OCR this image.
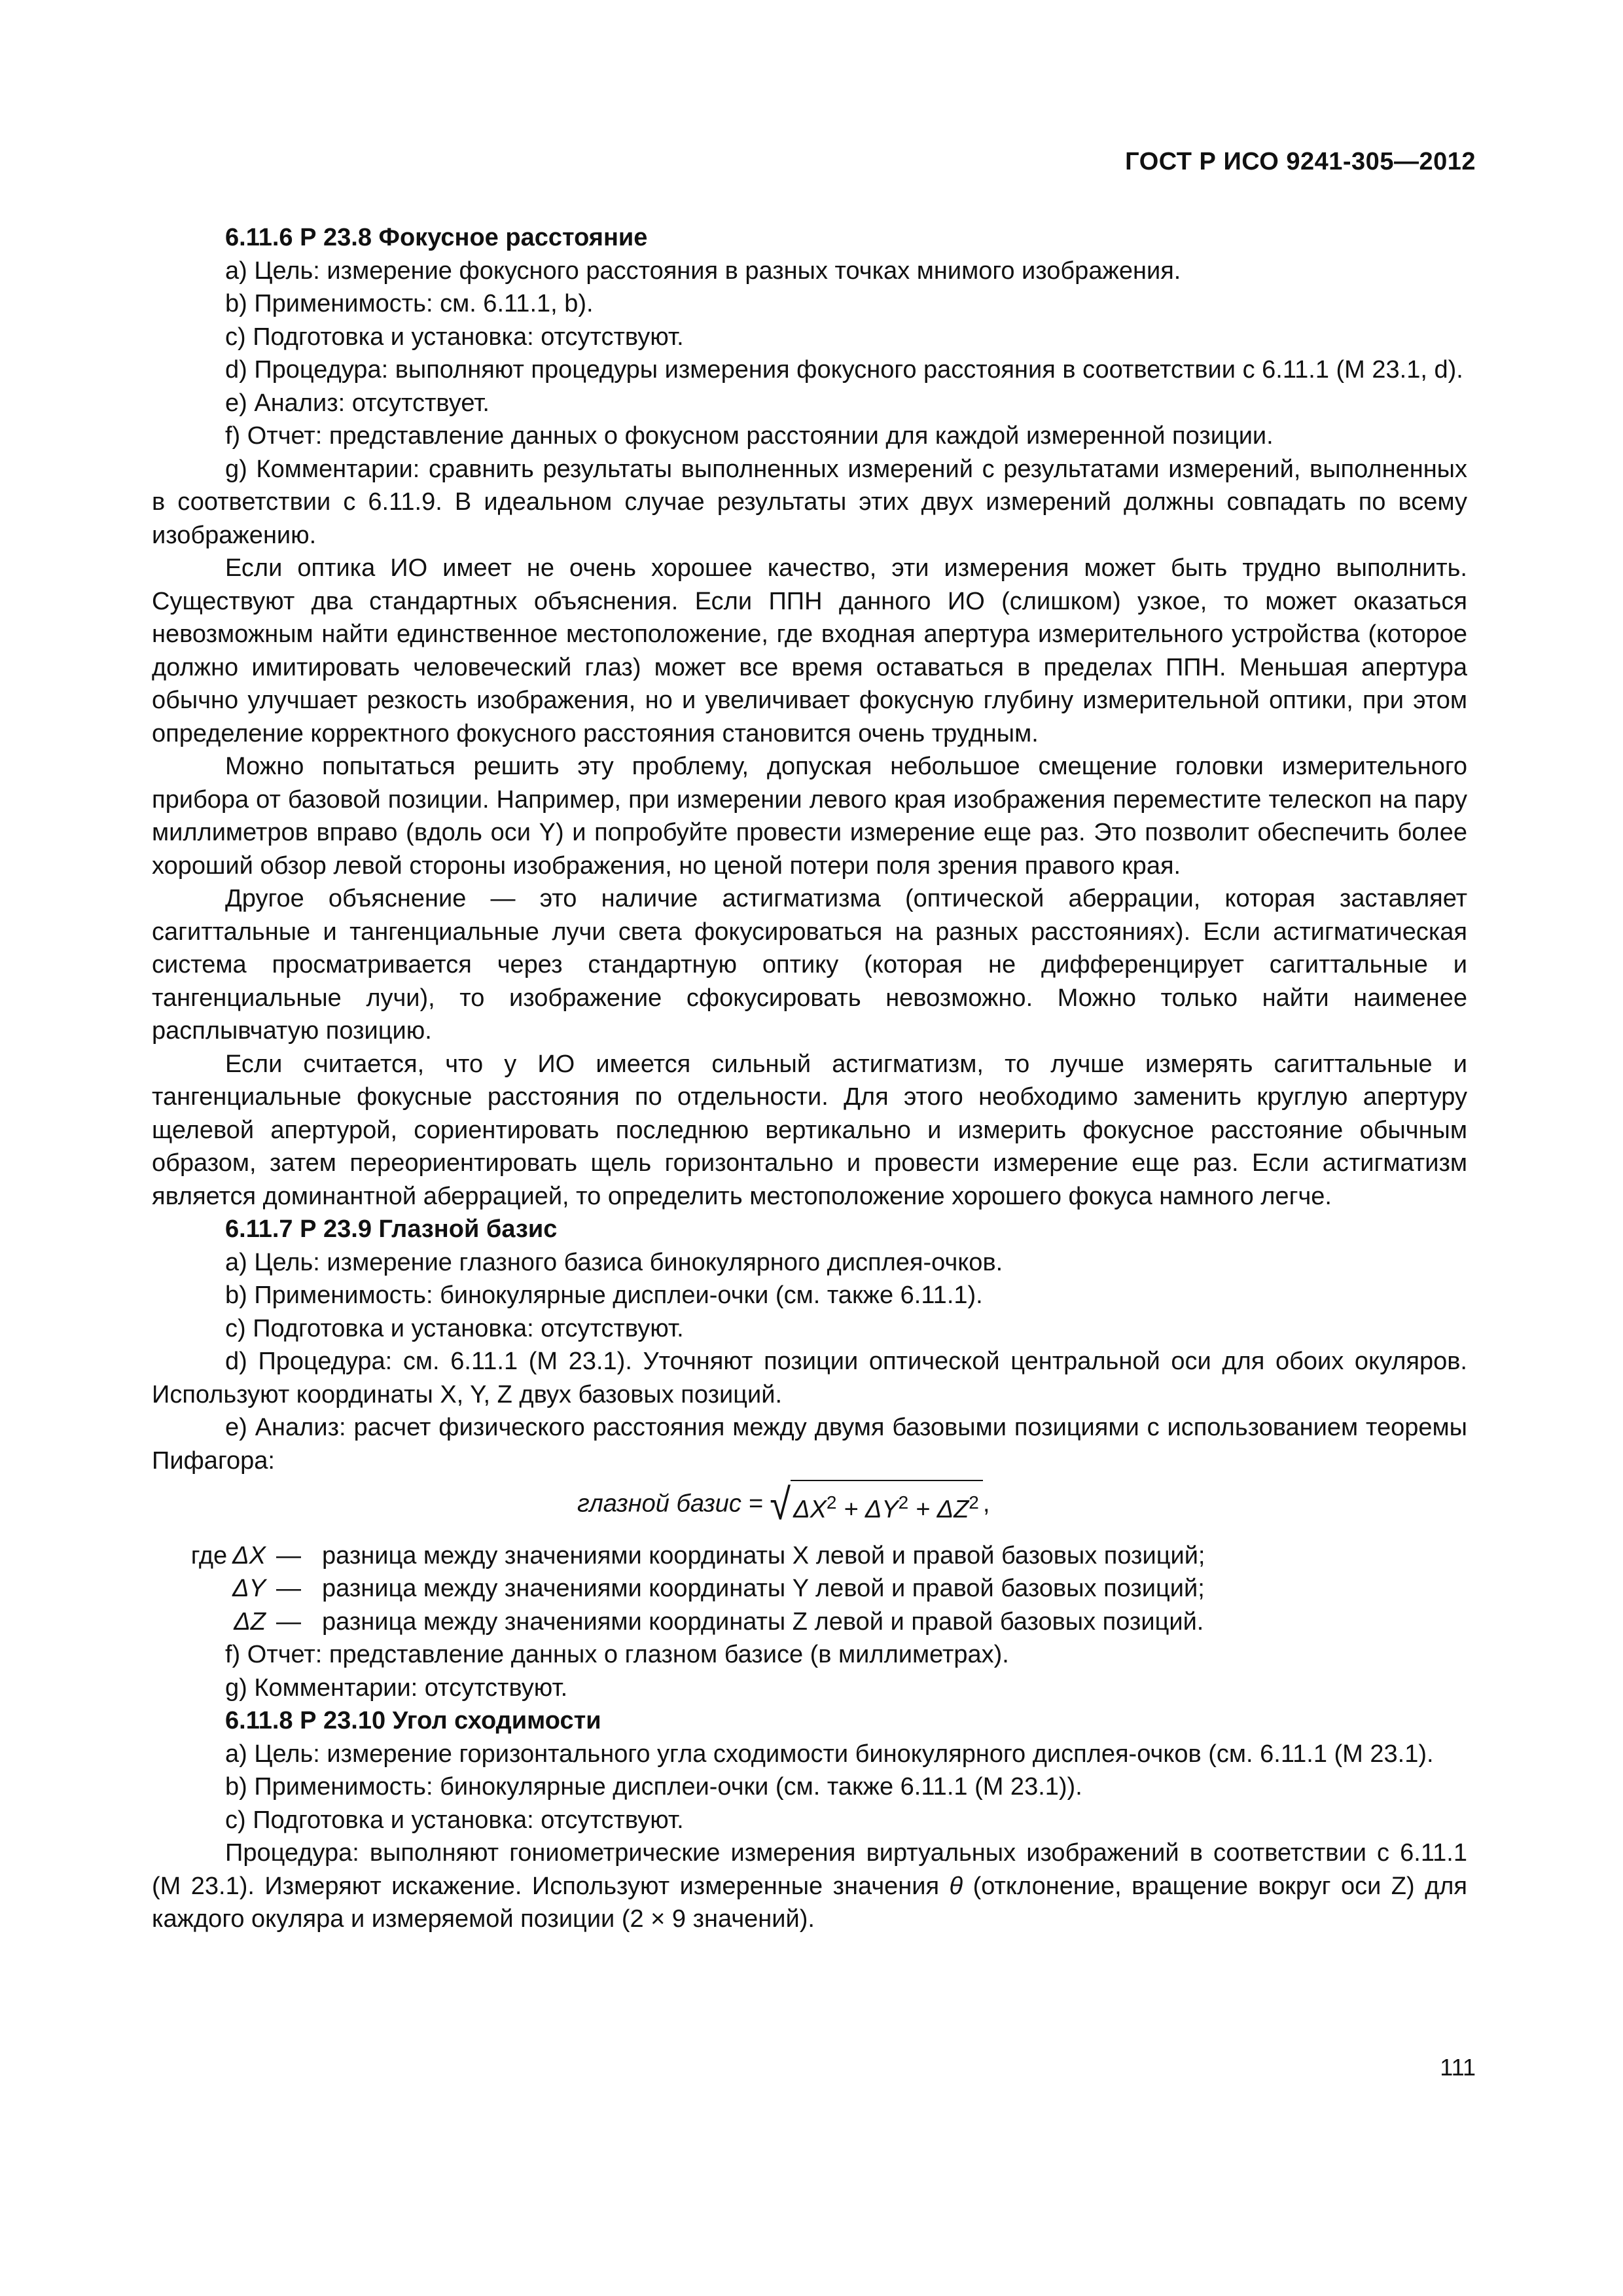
ГОСТ Р ИСО 9241-305—2012

6.11.6 Р 23.8 Фокусное расстояние

a) Цель: измерение фокусного расстояния в разных точках мнимого изображения.

b) Применимость: см. 6.11.1, b).

c) Подготовка и установка: отсутствуют.

d) Процедура: выполняют процедуры измерения фокусного расстояния в соответствии с 6.11.1 (М 23.1, d).

e) Анализ: отсутствует.

f) Отчет: представление данных о фокусном расстоянии для каждой измеренной позиции.

g) Комментарии: сравнить результаты выполненных измерений с результатами измерений, выполненных в соответствии с 6.11.9. В идеальном случае результаты этих двух измерений должны совпадать по всему изображению.

Если оптика ИО имеет не очень хорошее качество, эти измерения может быть трудно выполнить. Существуют два стандартных объяснения. Если ППН данного ИО (слишком) узкое, то может оказаться невозможным найти единственное местоположение, где входная апертура измерительного устройства (которое должно имитировать человеческий глаз) может все время оставаться в пределах ППН. Меньшая апертура обычно улучшает резкость изображения, но и увеличивает фокусную глубину измерительной оптики, при этом определение корректного фокусного расстояния становится очень трудным.

Можно попытаться решить эту проблему, допуская небольшое смещение головки измерительного прибора от базовой позиции. Например, при измерении левого края изображения переместите телескоп на пару миллиметров вправо (вдоль оси Y) и попробуйте провести измерение еще раз. Это позволит обеспечить более хороший обзор левой стороны изображения, но ценой потери поля зрения правого края.

Другое объяснение — это наличие астигматизма (оптической аберрации, которая заставляет сагиттальные и тангенциальные лучи света фокусироваться на разных расстояниях). Если астигматическая система просматривается через стандартную оптику (которая не дифференцирует сагиттальные и тангенциальные лучи), то изображение сфокусировать невозможно. Можно только найти наименее расплывчатую позицию.

Если считается, что у ИО имеется сильный астигматизм, то лучше измерять сагиттальные и тангенциальные фокусные расстояния по отдельности. Для этого необходимо заменить круглую апертуру щелевой апертурой, сориентировать последнюю вертикально и измерить фокусное расстояние обычным образом, затем переориентировать щель горизонтально и провести измерение еще раз. Если астигматизм является доминантной аберрацией, то определить местоположение хорошего фокуса намного легче.

6.11.7 Р 23.9 Глазной базис

a) Цель: измерение глазного базиса бинокулярного дисплея-очков.

b) Применимость: бинокулярные дисплеи-очки (см. также 6.11.1).

c) Подготовка и установка: отсутствуют.

d) Процедура: см. 6.11.1 (М 23.1). Уточняют позиции оптической центральной оси для обоих окуляров. Используют координаты X, Y, Z двух базовых позиций.

e) Анализ: расчет физического расстояния между двумя базовыми позициями с использованием теоремы Пифагора:

глазной базис = √ $\Delta X^2 + \Delta Y^2 + \Delta Z^2$ ,
где ΔX — разница между значениями координаты X левой и правой базовых позиций;
ΔY — разница между значениями координаты Y левой и правой базовых позиций;
ΔZ — разница между значениями координаты Z левой и правой базовых позиций.

f) Отчет: представление данных о глазном базисе (в миллиметрах).

g) Комментарии: отсутствуют.

6.11.8 Р 23.10 Угол сходимости

a) Цель: измерение горизонтального угла сходимости бинокулярного дисплея-очков (см. 6.11.1 (М 23.1).

b) Применимость: бинокулярные дисплеи-очки (см. также 6.11.1 (М 23.1)).

c) Подготовка и установка: отсутствуют.

Процедура: выполняют гониометрические измерения виртуальных изображений в соответствии с 6.11.1 (М 23.1). Измеряют искажение. Используют измеренные значения θ (отклонение, вращение вокруг оси Z) для каждого окуляра и измеряемой позиции (2 × 9 значений).

111
